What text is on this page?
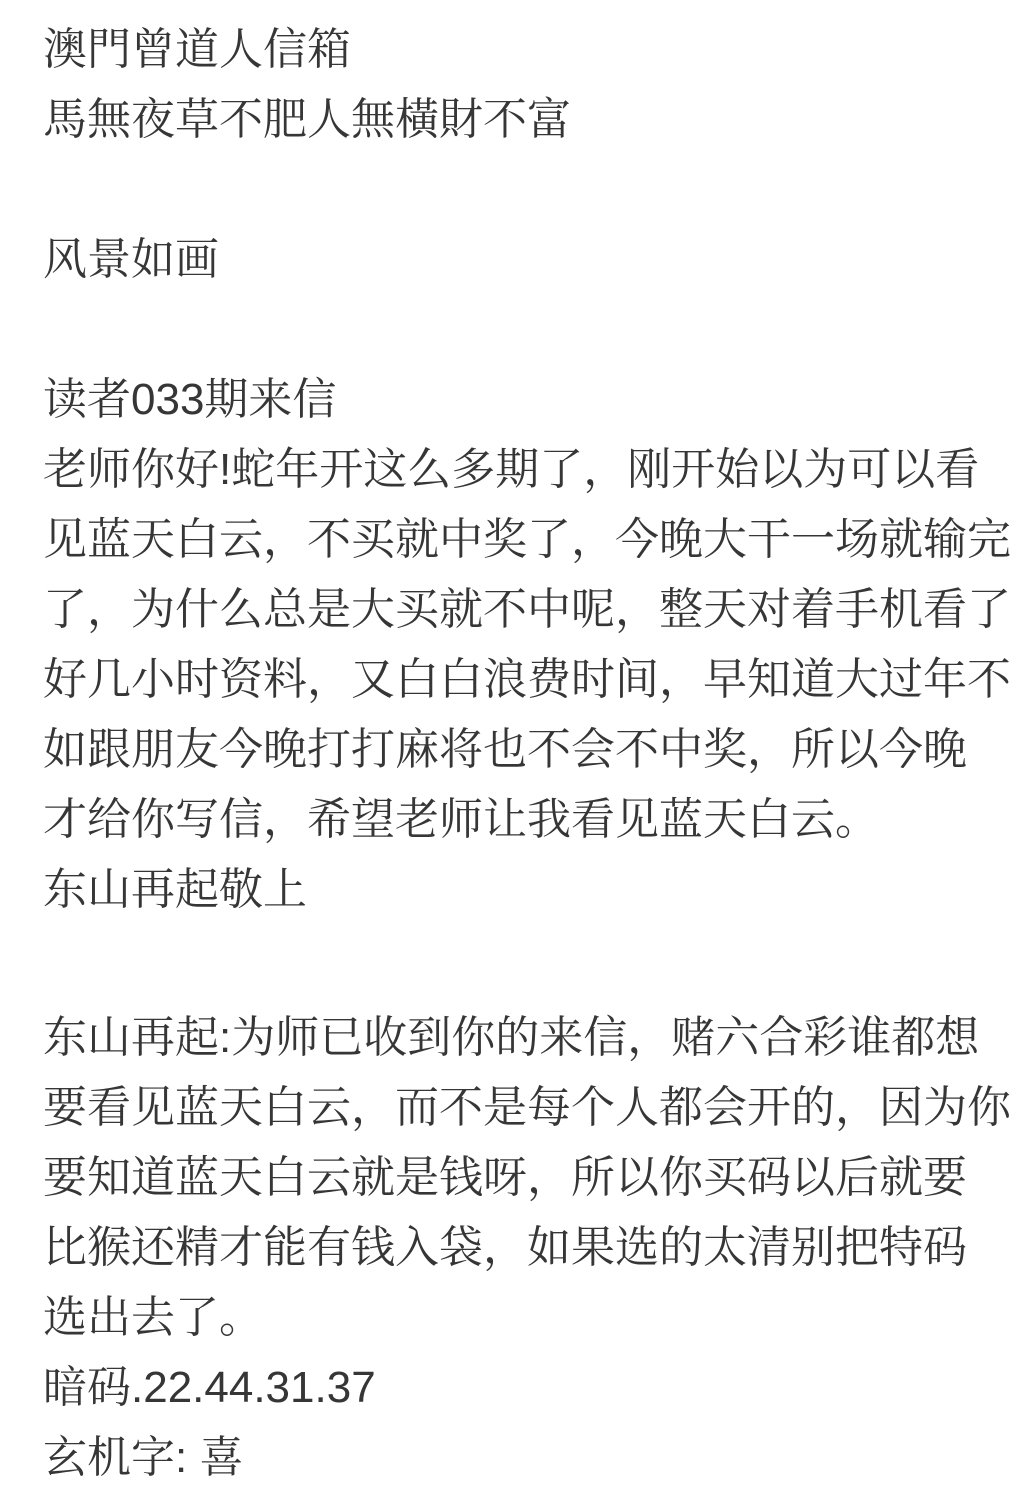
澳門曾道人信箱
馬無夜草不肥人無橫財不富
风景如画
读者033期来信
老师你好!蛇年开这么多期了，刚开始以为可以看
见蓝天白云，不买就中奖了，今晚大干一场就输完
了，为什么总是大买就不中呢，整天对着手机看了
好几小时资料，又白白浪费时间，早知道大过年不
如跟朋友今晚打打麻将也不会不中奖，所以今晚
才给你写信，希望老师让我看见蓝天白云。
东山再起敬上
东山再起:为师已收到你的来信，赌六合彩谁都想
要看见蓝天白云，而不是每个人都会开的，因为你
要知道蓝天白云就是钱呀，所以你买码以后就要
比猴还精才能有钱入袋，如果选的太清别把特码
选出去了。
暗码.22.44.31.37
玄机字: 喜
